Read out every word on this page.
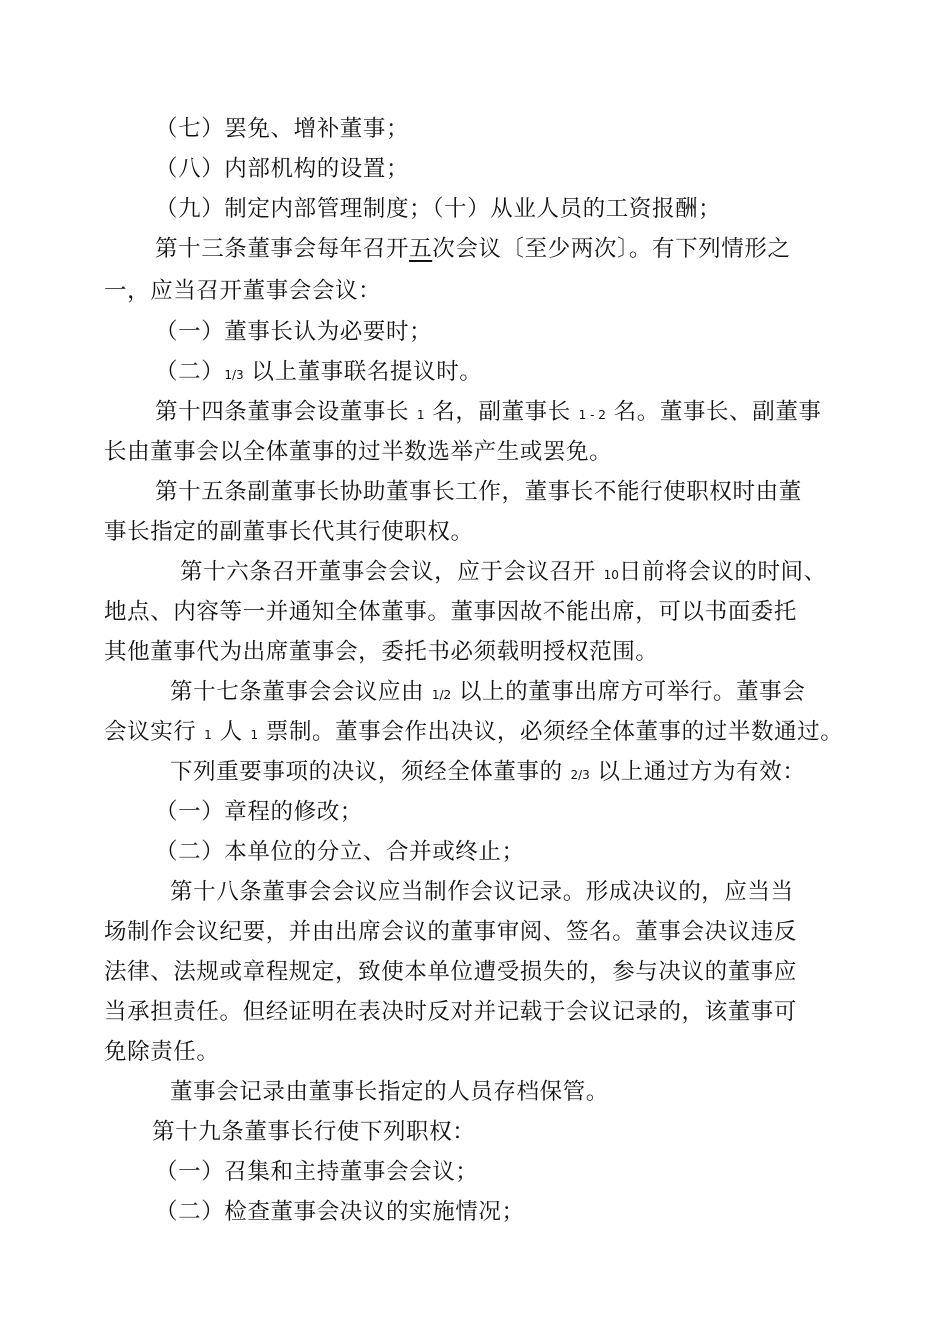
（七）罢免、增补董事；
（八）内部机构的设置；
（九）制定内部管理制度；（十）从业人员的工资报酬；
第十三条董事会每年召开五次会议〔至少两次〕。有下列情形之
一，应当召开董事会会议：
（一）董事长认为必要时；
（二）1/3 以上董事联名提议时。
第十四条董事会设董事长 1 名，副董事长 1 - 2 名。董事长、副董事
长由董事会以全体董事的过半数选举产生或罢免。
第十五条副董事长协助董事长工作，董事长不能行使职权时由董
事长指定的副董事长代其行使职权。
第十六条召开董事会会议，应于会议召开 10日前将会议的时间、
地点、内容等一并通知全体董事。董事因故不能出席，可以书面委托
其他董事代为出席董事会，委托书必须载明授权范围。
第十七条董事会会议应由 1/2 以上的董事出席方可举行。董事会
会议实行 1 人 1 票制。董事会作出决议，必须经全体董事的过半数通过。
下列重要事项的决议，须经全体董事的 2/3 以上通过方为有效：
（一）章程的修改；
（二）本单位的分立、合并或终止；
第十八条董事会会议应当制作会议记录。形成决议的，应当当
场制作会议纪要，并由出席会议的董事审阅、签名。董事会决议违反
法律、法规或章程规定，致使本单位遭受损失的，参与决议的董事应
当承担责任。但经证明在表决时反对并记载于会议记录的，该董事可
免除责任。
董事会记录由董事长指定的人员存档保管。
第十九条董事长行使下列职权：
（一）召集和主持董事会会议；
（二）检查董事会决议的实施情况；
